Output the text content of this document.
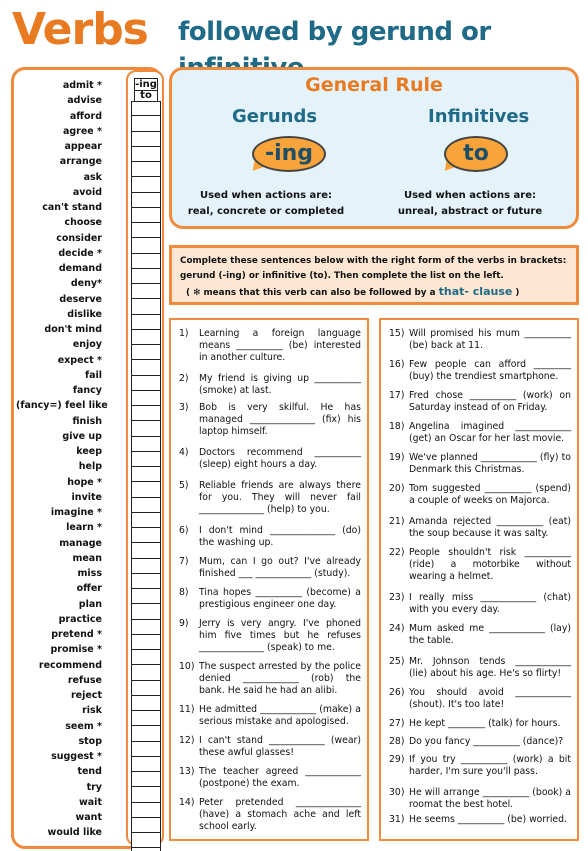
Verbs followed by gerund or
admit *
advise
afford
agree *
appear
arrange
ask
avoid
can't stand
choose
consider
decide *
demand
deny*
deserve
dislike
don't mind
enjoy
expect *
fail
fancy
(fancy=) feel like
finish
give up
keep
help
hope *
invite
imagine *
learn *
manage
mean
miss
offer
plan
practice
pretend *
promise *
recommend
refuse
reject
risk
seem *
stop
suggest *
tend
try
wait
want
would like
-ing
to	General Rule
Gerunds	Infinitives
-ing	to
Used when actions are:
real, concrete or completed
Used when actions are:
unreal, abstract or future
Complete these sentences below with the right form of the verbs in brackets:
gerund (-ing) or infinitive (to). Then complete the list on the left.
( ✻ means that this verb can also be followed by a that- clause )
1)	Learning a foreign language means __________ (be) interested in another culture.
2)	My friend is giving up __________ (smoke) at last.
3)	Bob is very skilful. He has managed ______________ (fix) his laptop himself.
4)	Doctors recommend __________ (sleep) eight hours a day.
5)	Reliable friends are always there for you. They will never fail ______________ (help) to you.
6)	I don't mind ______________ (do) the washing up.
7)	Mum, can I go out? I've already finished ___ ____________ (study).
8)	Tina hopes __________ (become) a prestigious engineer one day.
9)	Jerry is very angry. I've phoned him five times but he refuses ______________ (speak) to me.
10) The suspect arrested by the police denied ____________ (rob) the bank. He said he had an alibi.
11) He admitted ____________ (make) a serious mistake and apologised.
12) I can't stand ____________ (wear) these awful glasses!
13) The teacher agreed ____________ (postpone) the exam.
14) Peter pretended ______________ (have) a stomach ache and left school early.
15) Will promised his mum __________ (be) back at 11.
16) Few people can afford ________ (buy) the trendiest smartphone.
17) Fred chose __________ (work) on Saturday instead of on Friday.
18) Angelina imagined ____________ (get) an Oscar for her last movie.
19) We've planned ____________ (fly) to Denmark this Christmas.
20) Tom suggested __________ (spend) a couple of weeks on Majorca.
21) Amanda rejected __________ (eat) the soup because it was salty.
22) People shouldn't risk __________ (ride) a motorbike without wearing a helmet.
23) I really miss ____________ (chat) with you every day.
24) Mum asked me ____________ (lay) the table.
25) Mr. Johnson tends ____________ (lie) about his age. He's so flirty!
26) You should avoid ____________ (shout). It's too late!
27) He kept ________ (talk) for hours.
28) Do you fancy __________ (dance)?
29) If you try __________ (work) a bit harder, I'm sure you'll pass.
30) He will arrange __________ (book) a roomat the best hotel.
31) He seems __________ (be) worried.
